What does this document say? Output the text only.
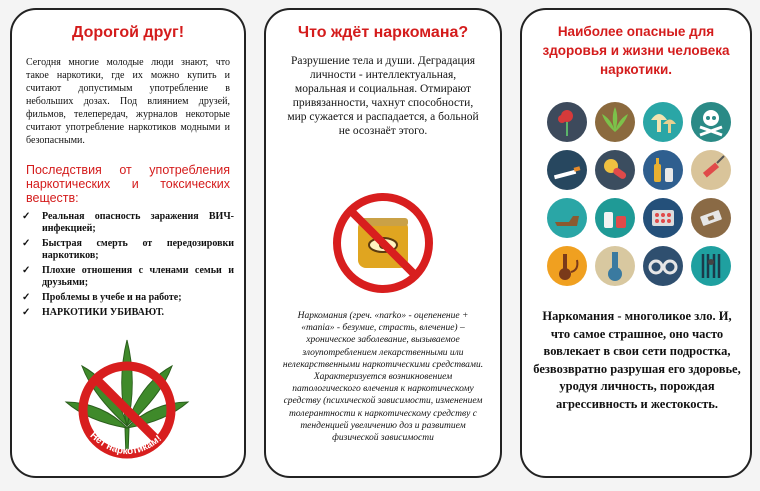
Дорогой друг!
Сегодня многие молодые люди знают, что такое наркотики, где их можно купить и считают допустимым употребление в небольших дозах. Под влиянием друзей, фильмов, телепередач, журналов некоторые считают употребление наркотиков модными и безопасными.
Последствия от употребления наркотических и токсических веществ:
✓	Реальная опасность заражения ВИЧ-инфекцией;
✓	Быстрая смерть от передозировки наркотиков;
✓	Плохие отношения с членами семьи и друзьями;
✓	Проблемы в учебе и на работе;
✓	НАРКОТИКИ УБИВАЮТ.
Нет наркотикам!
Что ждёт наркомана?
Разрушение тела и души. Деградация личности - интеллектуальная, моральная и социальная. Отмирают привязанности, чахнут способности, мир сужается и распадается, а больной не осознаёт этого.
Наркомания (греч. «narko» - оцепенение + «mania» - безумие, страсть, влечение) – хроническое заболевание, вызываемое злоупотреблением лекарственными или нелекарственными наркотическими средствами. Характеризуется возникновением патологического влечения к наркотическому средству (психической зависимости, изменением толерантности к наркотическому средству с тенденцией увеличению доз и развитием физической зависимости
Наиболее опасные для здоровья и жизни человека наркотики.
123RF
Наркомания - многоликое зло. И, что самое страшное, оно часто вовлекает в свои сети подростка, безвозвратно разрушая его здоровье, уродуя личность, порождая агрессивность и жестокость.
